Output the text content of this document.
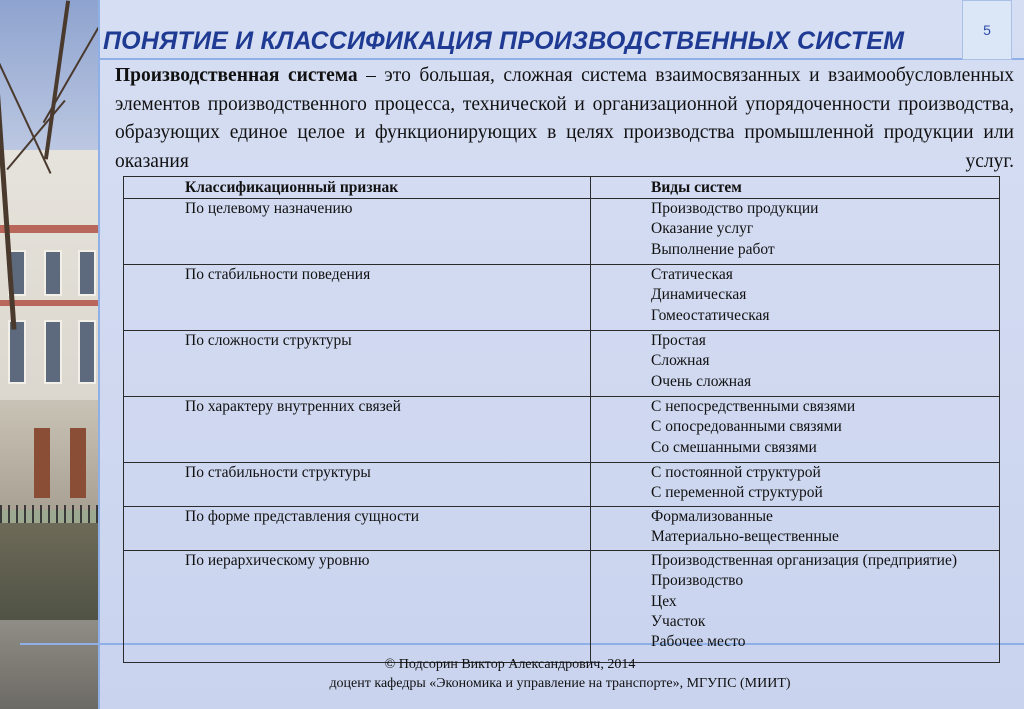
ПОНЯТИЕ И КЛАССИФИКАЦИЯ ПРОИЗВОДСТВЕННЫХ СИСТЕМ	5
Производственная система – это большая, сложная система взаимосвязанных и взаимообусловленных элементов производственного процесса, технической и организационной упорядоченности производства, образующих единое целое и функционирующих в целях производства промышленной продукции или оказания услуг.
Классификационный признак	Виды систем

По целевому назначению	Производство продукции
Оказание услуг
Выполнение работ

По стабильности поведения	Статическая
Динамическая
Гомеостатическая

По сложности структуры	Простая
Сложная
Очень сложная

По характеру внутренних связей	С непосредственными связями
С опосредованными связями
Со смешанными связями

По стабильности структуры	С постоянной структурой
С переменной структурой

По форме представления сущности	Формализованные
Материально-вещественные

По иерархическому уровню	Производственная организация (предприятие)
Производство
Цех
Участок
Рабочее место
© Подсорин Виктор Александрович, 2014
доцент кафедры «Экономика и управление на транспорте», МГУПС (МИИТ)
